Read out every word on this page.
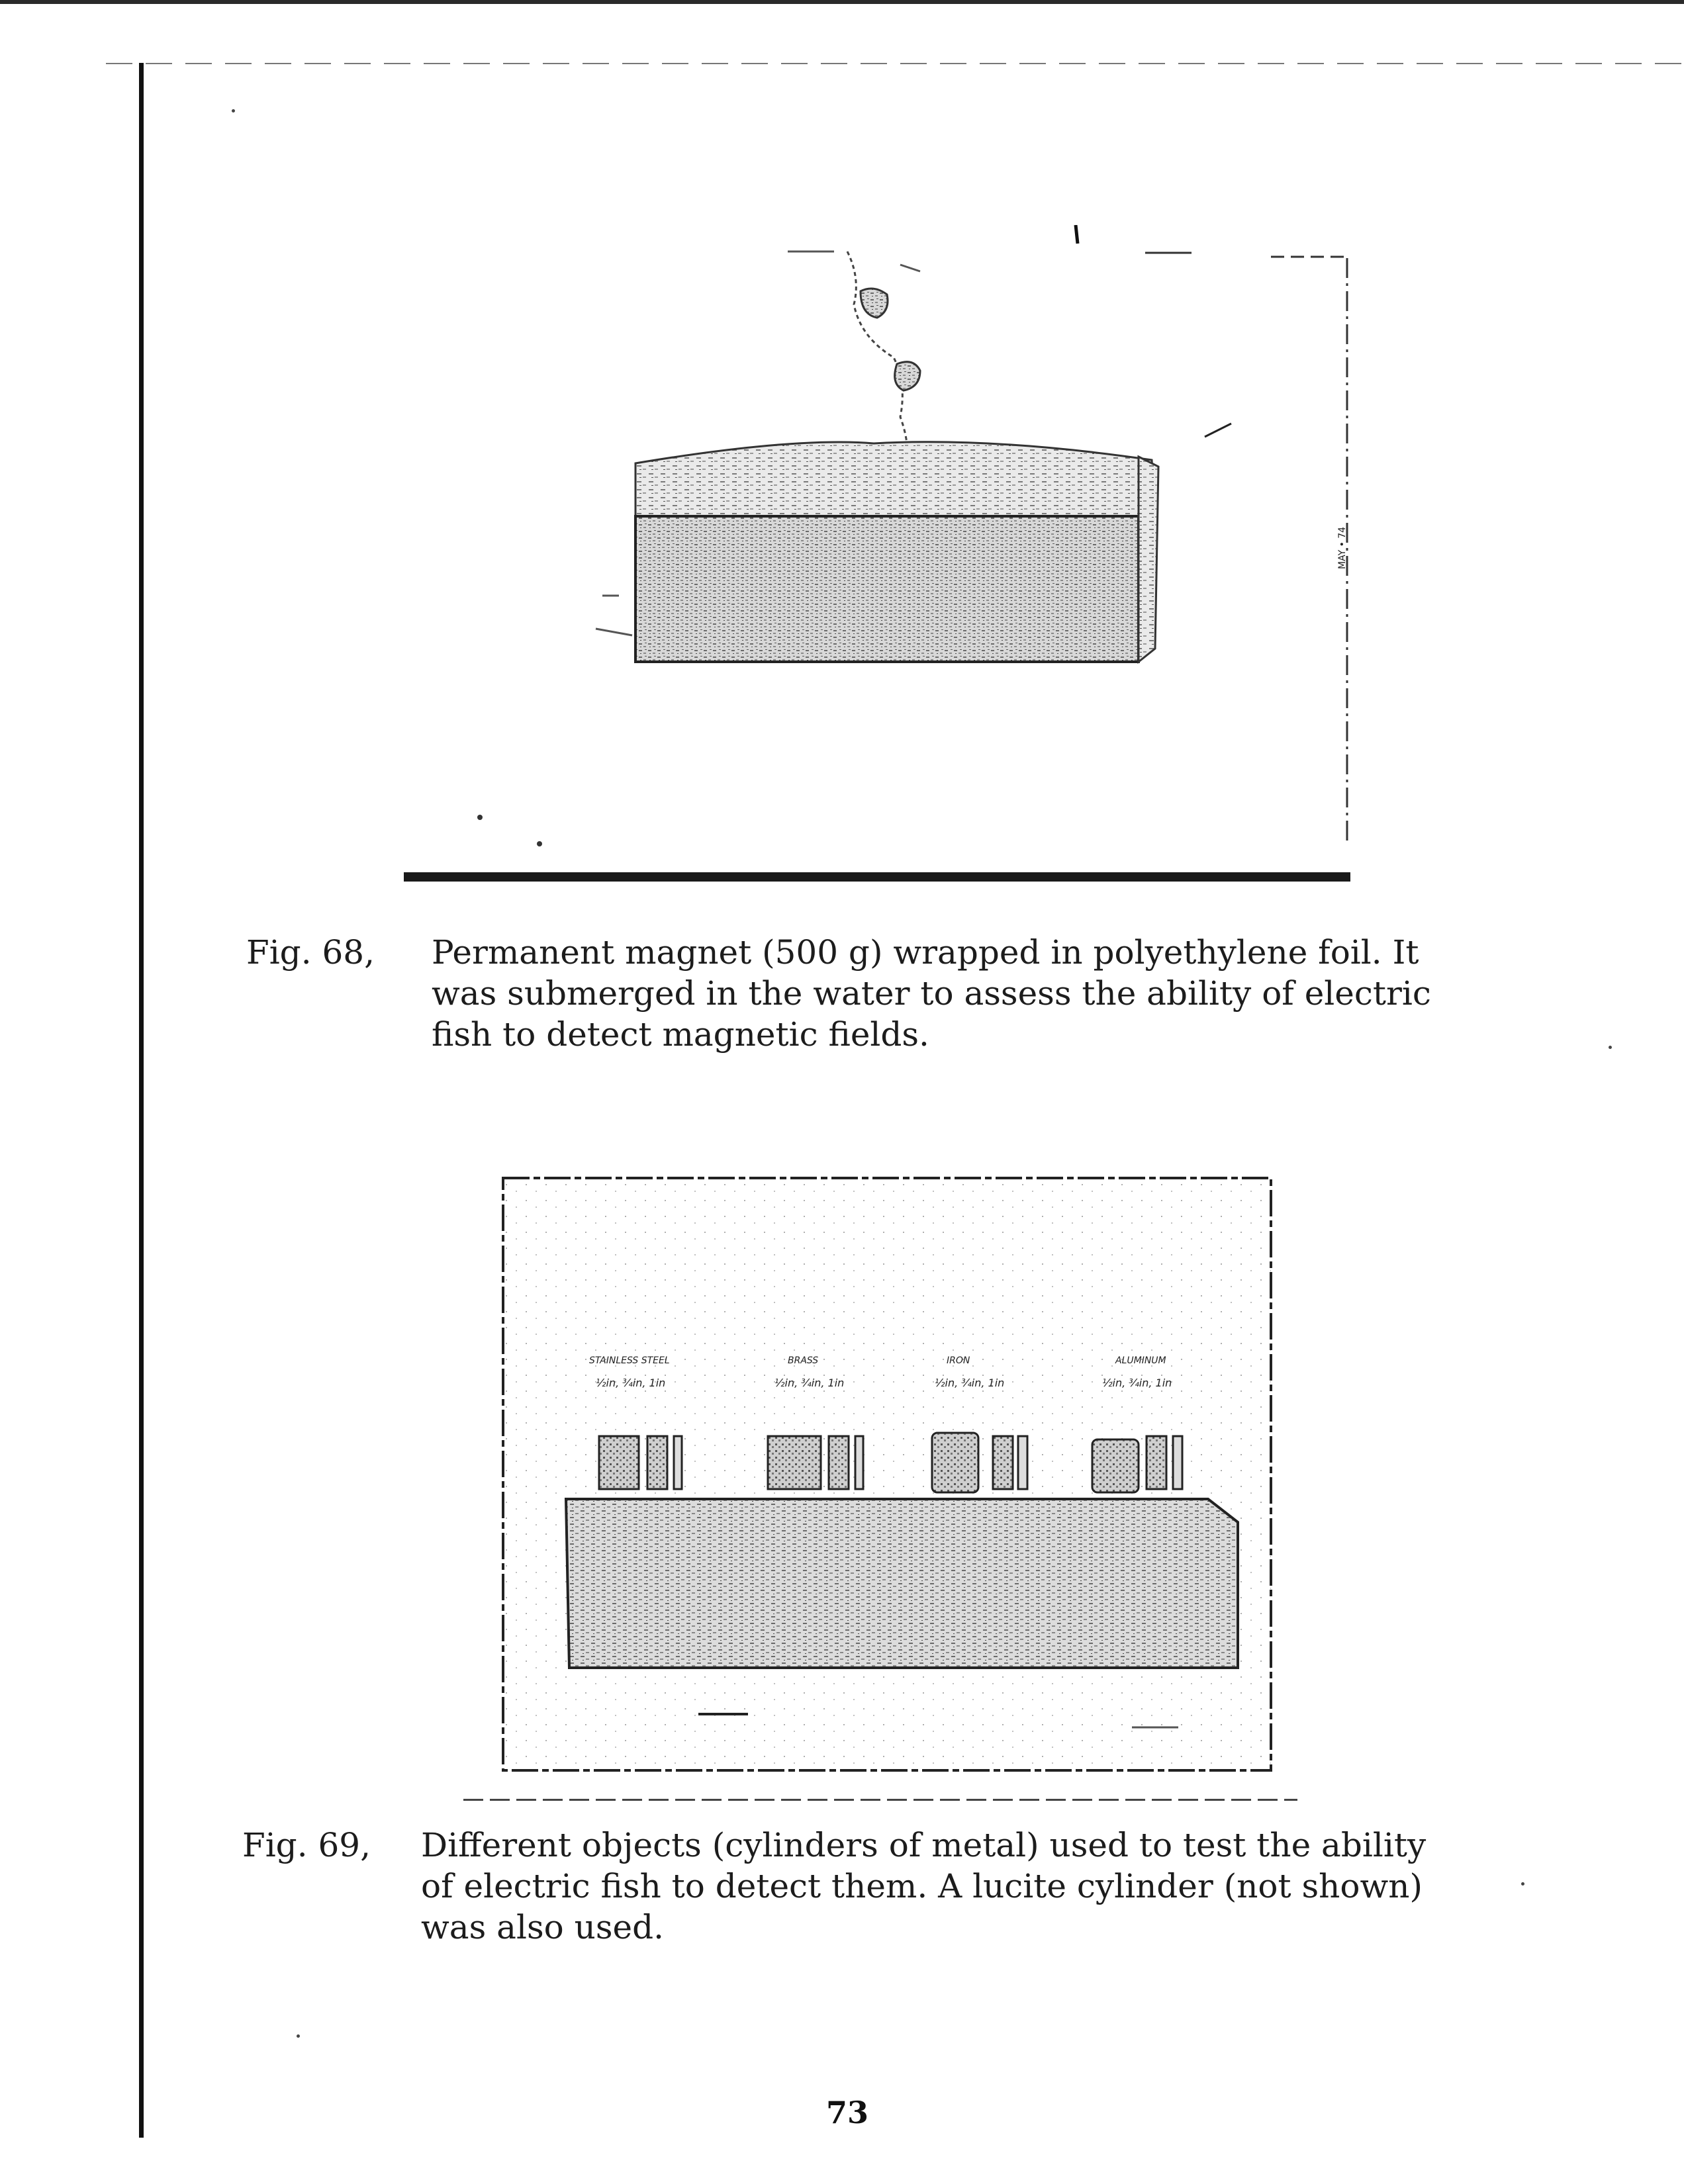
MAY • 74
Fig. 68, Permanent magnet (500 g) wrapped in polyethylene foil. It was submerged in the water to assess the ability of electric fish to detect magnetic fields.
STAINLESS STEEL
½in, ¾in, 1in
BRASS
½in, ¾in, 1in
IRON
½in, ¾in, 1in
ALUMINUM
½in, ¾in, 1in
Fig. 69, Different objects (cylinders of metal) used to test the ability of electric fish to detect them. A lucite cylinder (not shown) was also used.
73
